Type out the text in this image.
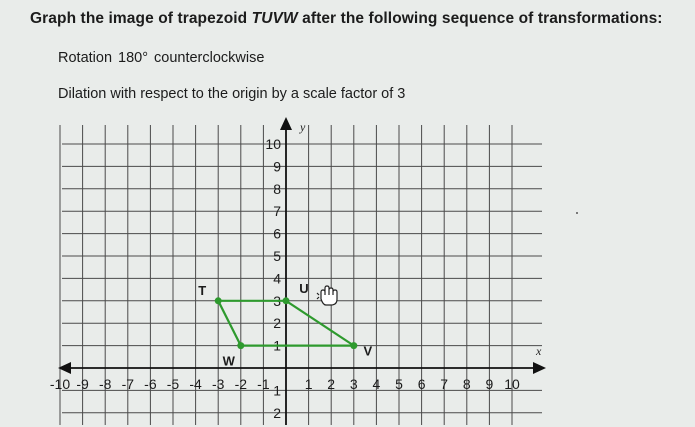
Graph the image of trapezoid TUVW after the following sequence of transformations:
Rotation 180° counterclockwise
Dilation with respect to the origin by a scale factor of 3
y
x
-10 -9 -8 -7 -6 -5 -4 -3 -2 -1	1 2 3 4 5 6 7 8 9 10
10
9
8
7
6
5
4
3
2
1
1
2
T	U
V
W
